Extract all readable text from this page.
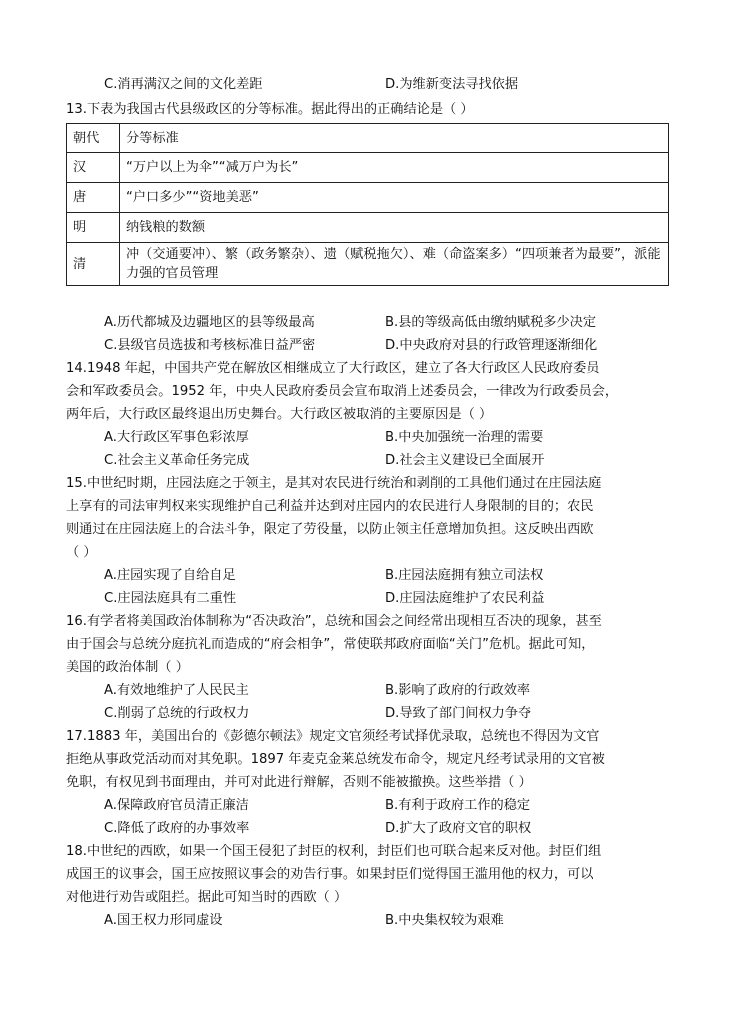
C.消再满汉之间的文化差距	D.为维新变法寻找依据
13.下表为我国古代县级政区的分等标准。据此得出的正确结论是（ ）
朝代	分等标准
汉	“万户以上为伞”“减万户为长”
唐	“户口多少”“资地美恶”
明	纳钱粮的数额
清	冲（交通要冲）、繁（政务繁杂）、遗（赋税拖欠）、难（命盗案多）“四项兼者为最要”，派能力强的官员管理
A.历代都城及边疆地区的县等级最高	B.县的等级高低由缴纳赋税多少决定
C.县级官员选拔和考核标准日益严密	D.中央政府对县的行政管理逐渐细化
14.1948 年起，中国共产党在解放区相继成立了大行政区，建立了各大行政区人民政府委员
会和军政委员会。1952 年，中央人民政府委员会宣布取消上述委员会，一律改为行政委员会，
两年后，大行政区最终退出历史舞台。大行政区被取消的主要原因是（ ）
A.大行政区军事色彩浓厚	B.中央加强统一治理的需要
C.社会主义革命任务完成	D.社会主义建设已全面展开
15.中世纪时期，庄园法庭之于领主，是其对农民进行统治和剥削的工具他们通过在庄园法庭
上享有的司法审判权来实现维护自己利益并达到对庄园内的农民进行人身限制的目的；农民
则通过在庄园法庭上的合法斗争，限定了劳役量，以防止领主任意增加负担。这反映出西欧
（ ）
A.庄园实现了自给自足	B.庄园法庭拥有独立司法权
C.庄园法庭具有二重性	D.庄园法庭维护了农民利益
16.有学者将美国政治体制称为“否决政治”，总统和国会之间经常出现相互否决的现象，甚至
由于国会与总统分庭抗礼而造成的“府会相争”，常使联邦政府面临“关门”危机。据此可知，
美国的政治体制（ ）
A.有效地维护了人民民主	B.影响了政府的行政效率
C.削弱了总统的行政权力	D.导致了部门间权力争夺
17.1883 年，美国出台的《彭德尔顿法》规定文官须经考试择优录取，总统也不得因为文官
拒绝从事政党活动而对其免职。1897 年麦克金莱总统发布命令，规定凡经考试录用的文官被
免职，有权见到书面理由，并可对此进行辩解，否则不能被撤换。这些举措（ ）
A.保障政府官员清正廉洁	B.有利于政府工作的稳定
C.降低了政府的办事效率	D.扩大了政府文官的职权
18.中世纪的西欧，如果一个国王侵犯了封臣的权利，封臣们也可联合起来反对他。封臣们组
成国王的议事会，国王应按照议事会的劝告行事。如果封臣们觉得国王滥用他的权力，可以
对他进行劝告或阻拦。据此可知当时的西欧（ ）
A.国王权力形同虚设	B.中央集权较为艰难
